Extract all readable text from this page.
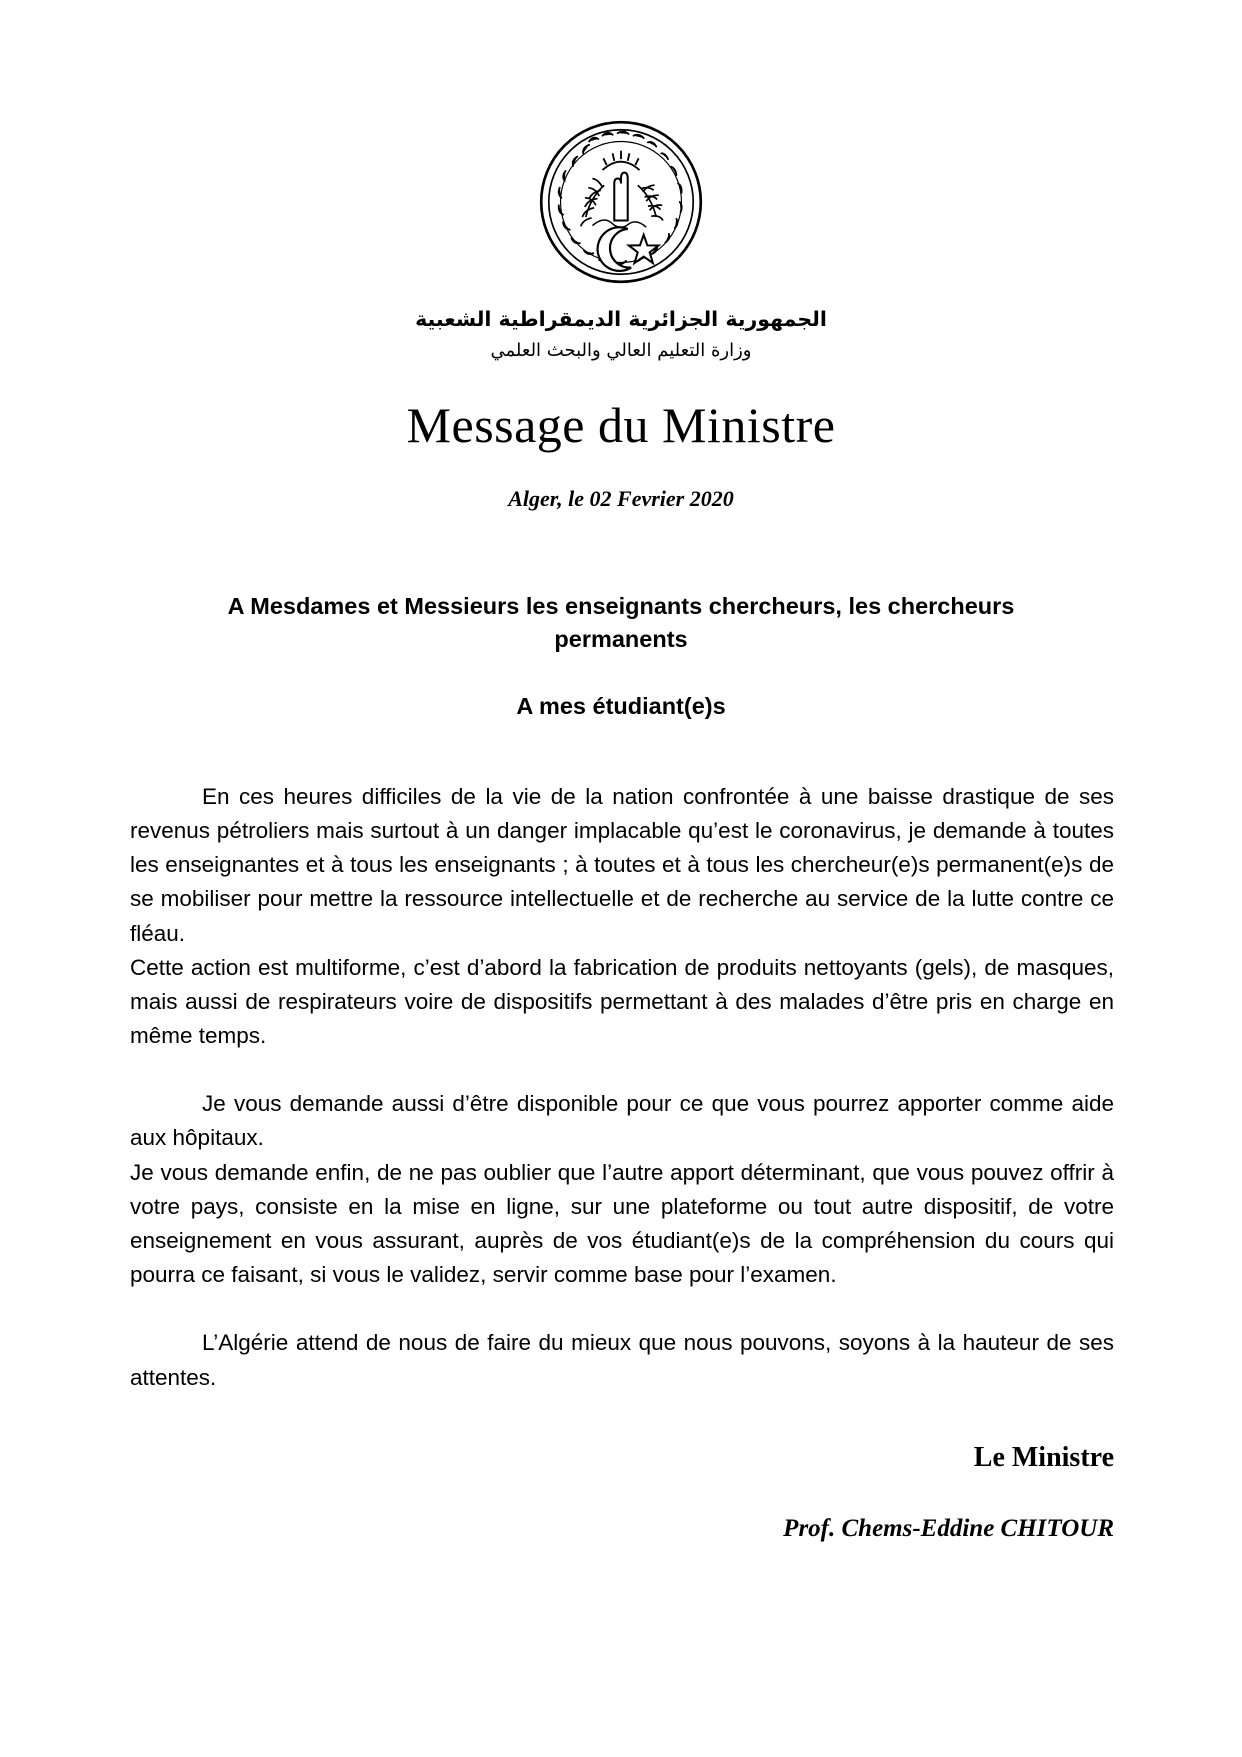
الجمهورية الجزائرية الديمقراطية الشعبية
وزارة التعليم العالي والبحث العلمي
Message du Ministre
Alger, le 02 Fevrier 2020
A Mesdames et Messieurs les enseignants chercheurs, les chercheurs
permanents
A mes étudiant(e)s

En ces heures difficiles de la vie de la nation confrontée à une baisse drastique de ses revenus pétroliers mais surtout à un danger implacable qu’est le coronavirus, je demande à toutes les enseignantes et à tous les enseignants ; à toutes et à tous les chercheur(e)s permanent(e)s de se mobiliser pour mettre la ressource intellectuelle et de recherche au service de la lutte contre ce fléau.

Cette action est multiforme, c’est d’abord la fabrication de produits nettoyants (gels), de masques, mais aussi de respirateurs voire de dispositifs permettant à des malades d’être pris en charge en même temps.

Je vous demande aussi d’être disponible pour ce que vous pourrez apporter comme aide aux hôpitaux.

Je vous demande enfin, de ne pas oublier que l’autre apport déterminant, que vous pouvez offrir à votre pays, consiste en la mise en ligne, sur une plateforme ou tout autre dispositif, de votre enseignement en vous assurant, auprès de vos étudiant(e)s de la compréhension du cours qui pourra ce faisant, si vous le validez, servir comme base pour l’examen.

L’Algérie attend de nous de faire du mieux que nous pouvons, soyons à la hauteur de ses attentes.

Le Ministre
Prof. Chems-Eddine CHITOUR
